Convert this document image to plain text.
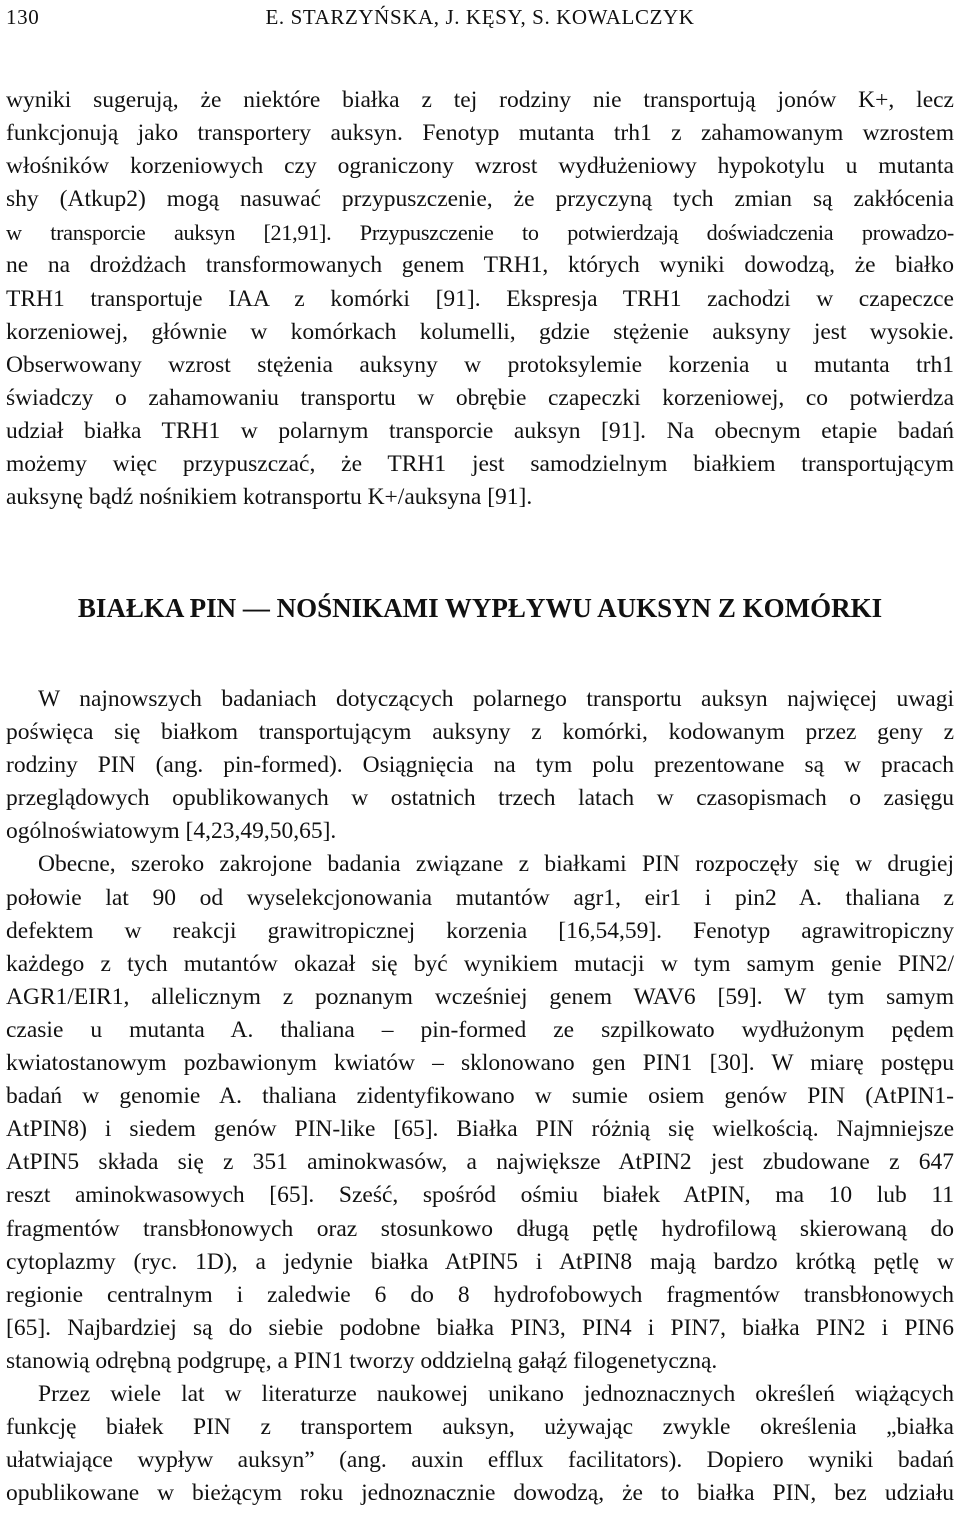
130	E. STARZYŃSKA, J. KĘSY, S. KOWALCZYK
wyniki sugerują, że niektóre białka z tej rodziny nie transportują jonów K+, lecz
funkcjonują jako transportery auksyn. Fenotyp mutanta trh1 z zahamowanym wzrostem
włośników korzeniowych czy ograniczony wzrost wydłużeniowy hypokotylu u mutanta
shy (Atkup2) mogą nasuwać przypuszczenie, że przyczyną tych zmian są zakłócenia
w transporcie auksyn [21,91]. Przypuszczenie to potwierdzają doświadczenia prowadzo-
ne na drożdżach transformowanych genem TRH1, których wyniki dowodzą, że białko
TRH1 transportuje IAA z komórki [91]. Ekspresja TRH1 zachodzi w czapeczce
korzeniowej, głównie w komórkach kolumelli, gdzie stężenie auksyny jest wysokie.
Obserwowany wzrost stężenia auksyny w protoksylemie korzenia u mutanta trh1
świadczy o zahamowaniu transportu w obrębie czapeczki korzeniowej, co potwierdza
udział białka TRH1 w polarnym transporcie auksyn [91]. Na obecnym etapie badań
możemy więc przypuszczać, że TRH1 jest samodzielnym białkiem transportującym
auksynę bądź nośnikiem kotransportu K+/auksyna [91].
BIAŁKA PIN — NOŚNIKAMI WYPŁYWU AUKSYN Z KOMÓRKI
W najnowszych badaniach dotyczących polarnego transportu auksyn najwięcej uwagi
poświęca się białkom transportującym auksyny z komórki, kodowanym przez geny z
rodziny PIN (ang. pin-formed). Osiągnięcia na tym polu prezentowane są w pracach
przeglądowych opublikowanych w ostatnich trzech latach w czasopismach o zasięgu
ogólnoświatowym [4,23,49,50,65].
Obecne, szeroko zakrojone badania związane z białkami PIN rozpoczęły się w drugiej
połowie lat 90 od wyselekcjonowania mutantów agr1, eir1 i pin2 A. thaliana z
defektem w reakcji grawitropicznej korzenia [16,54,59]. Fenotyp agrawitropiczny
każdego z tych mutantów okazał się być wynikiem mutacji w tym samym genie PIN2/
AGR1/EIR1, allelicznym z poznanym wcześniej genem WAV6 [59]. W tym samym
czasie u mutanta A. thaliana – pin-formed ze szpilkowato wydłużonym pędem
kwiatostanowym pozbawionym kwiatów – sklonowano gen PIN1 [30]. W miarę postępu
badań w genomie A. thaliana zidentyfikowano w sumie osiem genów PIN (AtPIN1-
AtPIN8) i siedem genów PIN-like [65]. Białka PIN różnią się wielkością. Najmniejsze
AtPIN5 składa się z 351 aminokwasów, a największe AtPIN2 jest zbudowane z 647
reszt aminokwasowych [65]. Sześć, spośród ośmiu białek AtPIN, ma 10 lub 11
fragmentów transbłonowych oraz stosunkowo długą pętlę hydrofilową skierowaną do
cytoplazmy (ryc. 1D), a jedynie białka AtPIN5 i AtPIN8 mają bardzo krótką pętlę w
regionie centralnym i zaledwie 6 do 8 hydrofobowych fragmentów transbłonowych
[65]. Najbardziej są do siebie podobne białka PIN3, PIN4 i PIN7, białka PIN2 i PIN6
stanowią odrębną podgrupę, a PIN1 tworzy oddzielną gałąź filogenetyczną.
Przez wiele lat w literaturze naukowej unikano jednoznacznych określeń wiążących
funkcję białek PIN z transportem auksyn, używając zwykle określenia „białka
ułatwiające wypływ auksyn” (ang. auxin efflux facilitators). Dopiero wyniki badań
opublikowane w bieżącym roku jednoznacznie dowodzą, że to białka PIN, bez udziału
